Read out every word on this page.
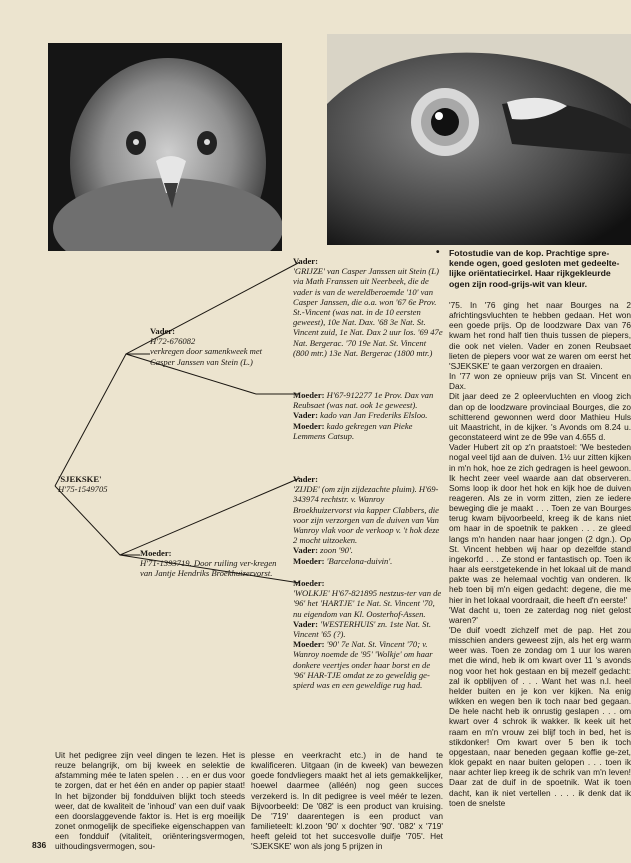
• Fotostudie van de kop. Prachtige spre-kende ogen, goed gesloten met gedeelte-lijke oriëntatiecirkel. Haar rijkgekleurde ogen zijn rood-grijs-wit van kleur.

Vader:

'GRIJZE' van Casper Janssen uit Stein (L) via Math Franssen uit Neerbeek, die de vader is van de wereldberoemde '10' van Casper Janssen, die o.a. won '67 6e Prov. St.-Vincent (was nat. in de 10 eersten geweest), 10e Nat. Dax. '68 3e Nat. St. Vincent zuid, 1e Nat. Dax 2 uur los. '69 47e Nat. Bergerac. '70 19e Nat. St. Vincent (800 mtr.) 13e Nat. Bergerac (1800 mtr.)

Vader:

H'72-676082

verkregen door samenkweek met Casper Janssen van Stein (L.)

Moeder: H'67-912277 1e Prov. Dax van Reubsaet (was nat. ook 1e geweest).

Vader: kado van Jan Frederiks Elsloo.

Moeder: kado gekregen van Pieke Lemmens Catsup.

'SJEKSKE'

H'75-1549705

Vader:

'ZIJDE' (om zijn zijdezachte pluim). H'69-343974 rechtstr. v. Wanroy Broekhuizervorst via kapper Clabbers, die voor zijn verzorgen van de duiven van Van Wanroy vlak voor de verkoop v. 't hok deze 2 mocht uitzoeken.

Vader: zoon '90'.

Moeder: 'Barcelona-duivin'.

Moeder:

H'71-1393719. Door ruiling ver-kregen van Jantje Hendriks Broekhuizervorst.

Moeder:

'WOLKJE' H'67-821895 nestzus-ter van de '96' het 'HARTJE' 1e Nat. St. Vincent '70, nu eigendom van Kl. Oosterhof-Assen.

Vader: 'WESTERHUIS' zn. 1ste Nat. St. Vincent '65 (?).

Moeder: '90' 7e Nat. St. Vincent '70; v. Wanroy noemde de '95' 'Wolkje' om haar donkere veertjes onder haar borst en de '96' HAR-TJE omdat ze zo geweldig ge-spierd was en een geweldige rug had.

'75. In '76 ging het naar Bourges na 2 africhtingsvluchten te hebben gedaan. Het won een goede prijs. Op de loodzware Dax van 76 kwam het rond half tien thuis tussen de piepers, die ook net vielen. Vader en zonen Reubsaet lieten de piepers voor wat ze waren om eerst het 'SJEKSKE' te gaan verzorgen en draaien.

In '77 won ze opnieuw prijs van St. Vincent en Dax.

Dit jaar deed ze 2 opleervluchten en vloog zich dan op de loodzware provinciaal Bourges, die zo schitterend gewonnen werd door Mathieu Huls uit Maastricht, in de kijker. 's Avonds om 8.24 u. geconstateerd wint ze de 99e van 4.655 d.

Vader Hubert zit op z'n praatstoel: 'We besteden nogal veel tijd aan de duiven. 1½ uur zitten kijken in m'n hok, hoe ze zich gedragen is heel gewoon. Ik hecht zeer veel waarde aan dat observeren. Soms loop ik door het hok en kijk hoe de duiven reageren. Als ze in vorm zitten, zien ze iedere beweging die je maakt . . . Toen ze van Bourges terug kwam bijvoorbeeld, kreeg ik de kans niet om haar in de spoetnik te pakken . . . ze gleed langs m'n handen naar haar jongen (2 dgn.). Op St. Vincent hebben wij haar op dezelfde stand ingekorfd . . . Ze stond er fantastisch op. Toen ik haar als eerstgetekende in het lokaal uit de mand pakte was ze helemaal vochtig van onderen. Ik heb toen bij m'n eigen gedacht: degene, die me hier in het lokaal voordraait, die heeft d'n eerste!'

'Wat dacht u, toen ze zaterdag nog niet gelost waren?'

'De duif voedt zichzelf met de pap. Het zou misschien anders geweest zijn, als het erg warm weer was. Toen ze zondag om 1 uur los waren met die wind, heb ik om kwart over 11 's avonds nog voor het hok gestaan en bij mezelf gedacht: zal ik opblijven of . . . Want het was n.l. heel helder buiten en je kon ver kijken. Na enig wikken en wegen ben ik toch naar bed gegaan. De hele nacht heb ik onrustig geslapen . . . om kwart over 4 schrok ik wakker. Ik keek uit het raam en m'n vrouw zei blijf toch in bed, het is stikdonker! Om kwart over 5 ben ik toch opgestaan, naar beneden gegaan koffie ge-zet, klok gepakt en naar buiten gelopen . . . toen ik naar achter liep kreeg ik de schrik van m'n leven! Daar zat de duif in de spoetnik. Wat ik toen dacht, kan ik niet vertellen . . . . ik denk dat ik toen de snelste

Uit het pedigree zijn veel dingen te lezen. Het is reuze belangrijk, om bij kweek en selektie de afstamming mée te laten spelen . . . en er dus voor te zorgen, dat er het één en ander op papier staat! In het bijzonder bij fondduiven blijkt toch steeds weer, dat de kwaliteit de 'inhoud' van een duif vaak een doorslaggevende faktor is. Het is erg moeilijk zonet onmogelijk de specifieke eigenschappen van een fondduif (vitaliteit, oriënteringsvermogen, uithoudingsvermogen, sou-
plesse en veerkracht etc.) in de hand te kwalificeren. Uitgaan (in de kweek) van bewezen goede fondvliegers maakt het al iets gemakkelijker, hoewel daarmee (alléén) nog geen succes verzekerd is. In dit pedigree is veel méér te lezen. Bijvoorbeeld: De '082' is een product van kruising. De '719' daarentegen is een product van familieteelt: kl.zoon '90' x dochter '90'. '082' x '719' heeft geleid tot het succesvolle duifje '705'. Het 'SJEKSKE' won als jong 5 prijzen in
836
